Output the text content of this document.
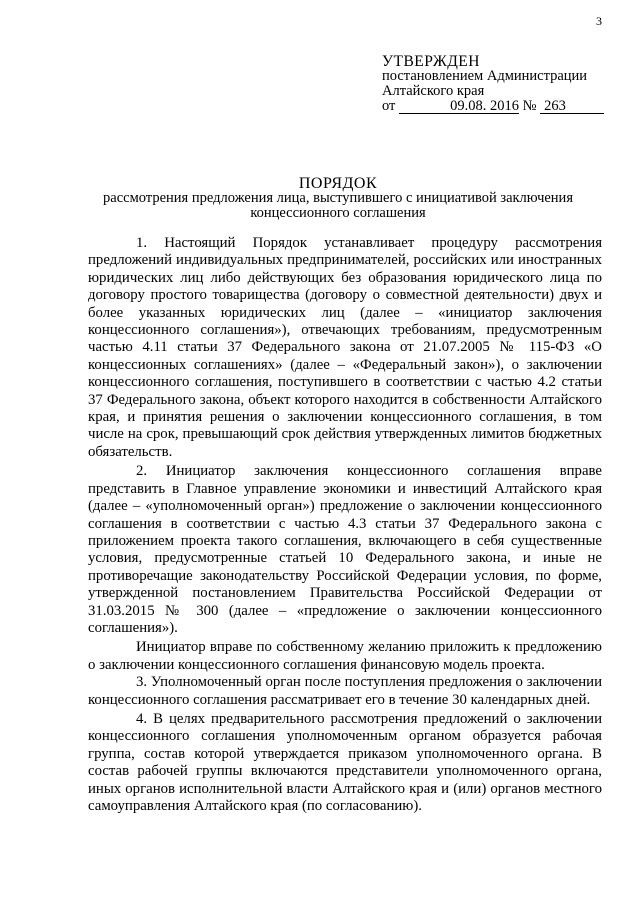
3
УТВЕРЖДЕН
постановлением Администрации
Алтайского края
от	09.08. 2016 № 263
ПОРЯДОК
рассмотрения предложения лица, выступившего с инициативой заключения концессионного соглашения

1. Настоящий Порядок устанавливает процедуру рассмотрения предложений индивидуальных предпринимателей, российских или иностранных юридических лиц либо действующих без образования юридического лица по договору простого товарищества (договору о совместной деятельности) двух и более указанных юридических лиц (далее – «инициатор заключения концессионного соглашения»), отвечающих требованиям, предусмотренным частью 4.11 статьи 37 Федерального закона от 21.07.2005 № 115-ФЗ «О концессионных соглашениях» (далее – «Федеральный закон»), о заключении концессионного соглашения, поступившего в соответствии с частью 4.2 статьи 37 Федерального закона, объект которого находится в собственности Алтайского края, и принятия решения о заключении концессионного соглашения, в том числе на срок, превышающий срок действия утвержденных лимитов бюджетных обязательств.

2. Инициатор заключения концессионного соглашения вправе представить в Главное управление экономики и инвестиций Алтайского края (далее – «уполномоченный орган») предложение о заключении концессионного соглашения в соответствии с частью 4.3 статьи 37 Федерального закона с приложением проекта такого соглашения, включающего в себя существенные условия, предусмотренные статьей 10 Федерального закона, и иные не противоречащие законодательству Российской Федерации условия, по форме, утвержденной постановлением Правительства Российской Федерации от 31.03.2015 № 300 (далее – «предложение о заключении концессионного соглашения»).

Инициатор вправе по собственному желанию приложить к предложению о заключении концессионного соглашения финансовую модель проекта.

3. Уполномоченный орган после поступления предложения о заключении концессионного соглашения рассматривает его в течение 30 календарных дней.

4. В целях предварительного рассмотрения предложений о заключении концессионного соглашения уполномоченным органом образуется рабочая группа, состав которой утверждается приказом уполномоченного органа. В состав рабочей группы включаются представители уполномоченного органа, иных органов исполнительной власти Алтайского края и (или) органов местного самоуправления Алтайского края (по согласованию).
